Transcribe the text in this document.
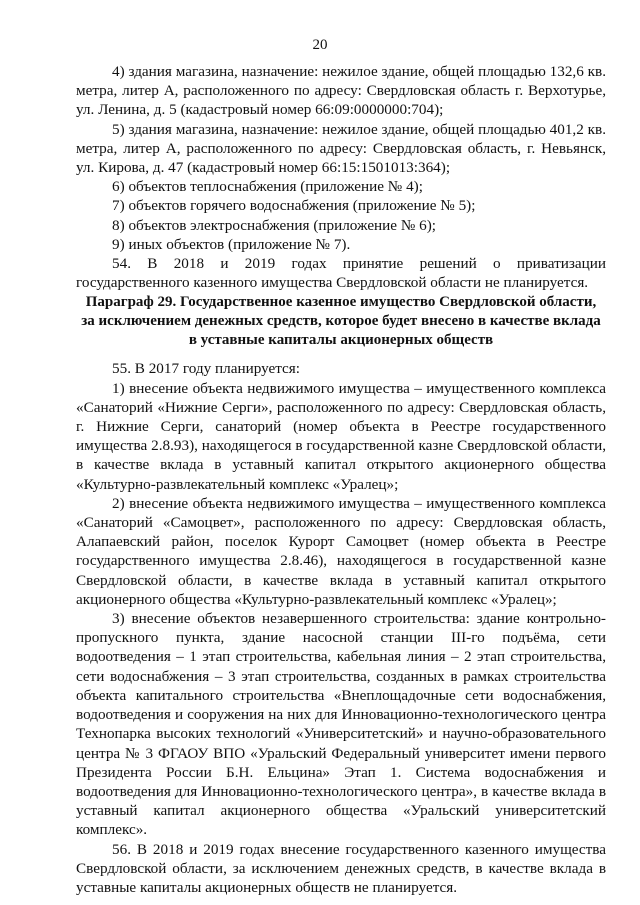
20

4) здания магазина, назначение: нежилое здание, общей площадью 132,6 кв. метра, литер А, расположенного по адресу: Свердловская область г. Верхотурье, ул. Ленина, д. 5 (кадастровый номер 66:09:0000000:704);

5) здания магазина, назначение: нежилое здание, общей площадью 401,2 кв. метра, литер А, расположенного по адресу: Свердловская область, г. Невьянск, ул. Кирова, д. 47 (кадастровый номер 66:15:1501013:364);

6) объектов теплоснабжения (приложение № 4);

7) объектов горячего водоснабжения (приложение № 5);

8) объектов электроснабжения (приложение № 6);

9) иных объектов (приложение № 7).

54. В 2018 и 2019 годах принятие решений о приватизации государственного казенного имущества Свердловской области не планируется.

Параграф 29. Государственное казенное имущество Свердловской области,
за исключением денежных средств, которое будет внесено в качестве вклада
в уставные капиталы акционерных обществ

55. В 2017 году планируется:

1) внесение объекта недвижимого имущества – имущественного комплекса «Санаторий «Нижние Серги», расположенного по адресу: Свердловская область, г. Нижние Серги, санаторий (номер объекта в Реестре государственного имущества 2.8.93), находящегося в государственной казне Свердловской области, в качестве вклада в уставный капитал открытого акционерного общества «Культурно-развлекательный комплекс «Уралец»;

2) внесение объекта недвижимого имущества – имущественного комплекса «Санаторий «Самоцвет», расположенного по адресу: Свердловская область, Алапаевский район, поселок Курорт Самоцвет (номер объекта в Реестре государственного имущества 2.8.46), находящегося в государственной казне Свердловской области, в качестве вклада в уставный капитал открытого акционерного общества «Культурно-развлекательный комплекс «Уралец»;

3) внесение объектов незавершенного строительства: здание контрольно-пропускного пункта, здание насосной станции III-го подъёма, сети водоотведения – 1 этап строительства, кабельная линия – 2 этап строительства, сети водоснабжения – 3 этап строительства, созданных в рамках строительства объекта капитального строительства «Внеплощадочные сети водоснабжения, водоотведения и сооружения на них для Инновационно-технологического центра Технопарка высоких технологий «Университетский» и научно-образовательного центра № 3 ФГАОУ ВПО «Уральский Федеральный университет имени первого Президента России Б.Н. Ельцина» Этап 1. Система водоснабжения и водоотведения для Инновационно-технологического центра», в качестве вклада в уставный капитал акционерного общества «Уральский университетский комплекс».

56. В 2018 и 2019 годах внесение государственного казенного имущества Свердловской области, за исключением денежных средств, в качестве вклада в уставные капиталы акционерных обществ не планируется.
